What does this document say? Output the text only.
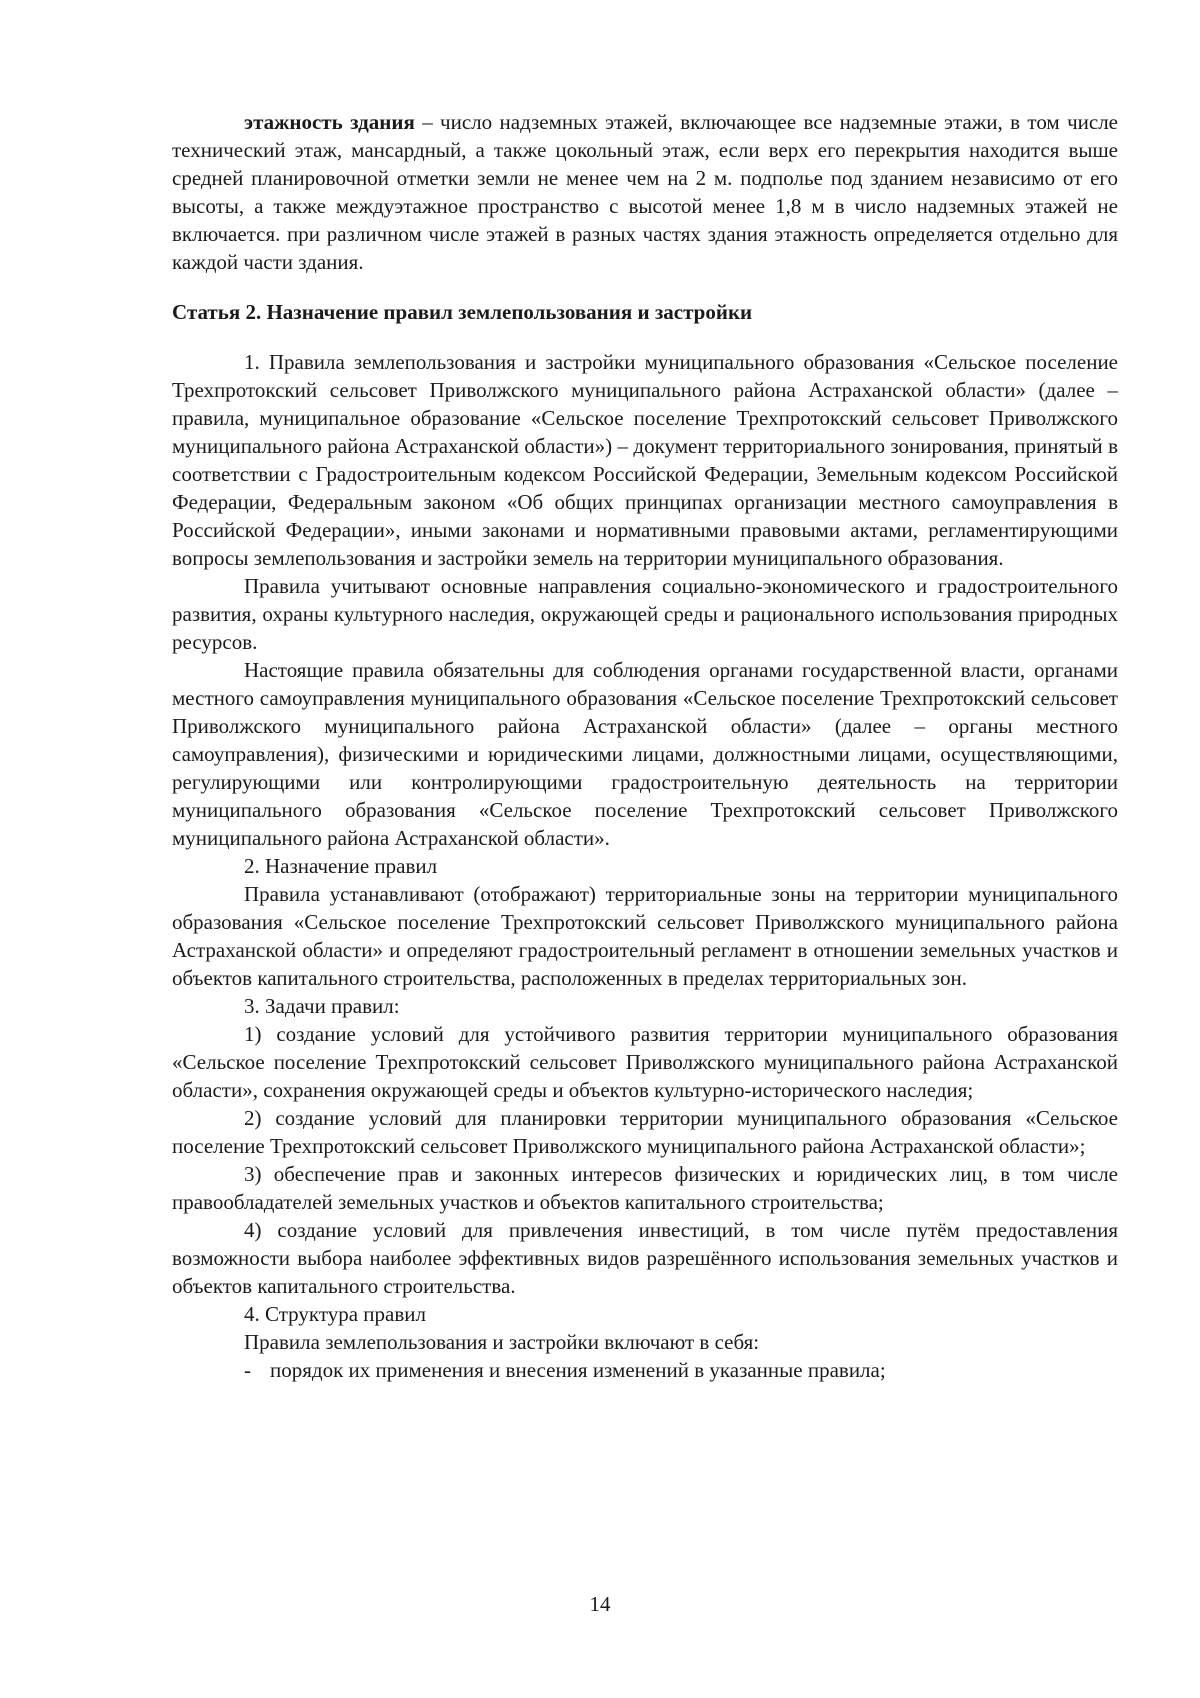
этажность здания – число надземных этажей, включающее все надземные этажи, в том числе технический этаж, мансардный, а также цокольный этаж, если верх его перекрытия находится выше средней планировочной отметки земли не менее чем на 2 м. подполье под зданием независимо от его высоты, а также междуэтажное пространство с высотой менее 1,8 м в число надземных этажей не включается. при различном числе этажей в разных частях здания этажность определяется отдельно для каждой части здания.

Статья 2. Назначение правил землепользования и застройки

1. Правила землепользования и застройки муниципального образования «Сельское поселение Трехпротокский сельсовет Приволжского муниципального района Астраханской области» (далее – правила, муниципальное образование «Сельское поселение Трехпротокский сельсовет Приволжского муниципального района Астраханской области») – документ территориального зонирования, принятый в соответствии с Градостроительным кодексом Российской Федерации, Земельным кодексом Российской Федерации, Федеральным законом «Об общих принципах организации местного самоуправления в Российской Федерации», иными законами и нормативными правовыми актами, регламентирующими вопросы землепользования и застройки земель на территории муниципального образования.

Правила учитывают основные направления социально-экономического и градостроительного развития, охраны культурного наследия, окружающей среды и рационального использования природных ресурсов.

Настоящие правила обязательны для соблюдения органами государственной власти, органами местного самоуправления муниципального образования «Сельское поселение Трехпротокский сельсовет Приволжского муниципального района Астраханской области» (далее – органы местного самоуправления), физическими и юридическими лицами, должностными лицами, осуществляющими, регулирующими или контролирующими градостроительную деятельность на территории муниципального образования «Сельское поселение Трехпротокский сельсовет Приволжского муниципального района Астраханской области».

2. Назначение правил

Правила устанавливают (отображают) территориальные зоны на территории муниципального образования «Сельское поселение Трехпротокский сельсовет Приволжского муниципального района Астраханской области» и определяют градостроительный регламент в отношении земельных участков и объектов капитального строительства, расположенных в пределах территориальных зон.

3. Задачи правил:

1) создание условий для устойчивого развития территории муниципального образования «Сельское поселение Трехпротокский сельсовет Приволжского муниципального района Астраханской области», сохранения окружающей среды и объектов культурно-исторического наследия;

2) создание условий для планировки территории муниципального образования «Сельское поселение Трехпротокский сельсовет Приволжского муниципального района Астраханской области»;

3) обеспечение прав и законных интересов физических и юридических лиц, в том числе правообладателей земельных участков и объектов капитального строительства;

4) создание условий для привлечения инвестиций, в том числе путём предоставления возможности выбора наиболее эффективных видов разрешённого использования земельных участков и объектов капитального строительства.

4. Структура правил

Правила землепользования и застройки включают в себя:

- порядок их применения и внесения изменений в указанные правила;

14
